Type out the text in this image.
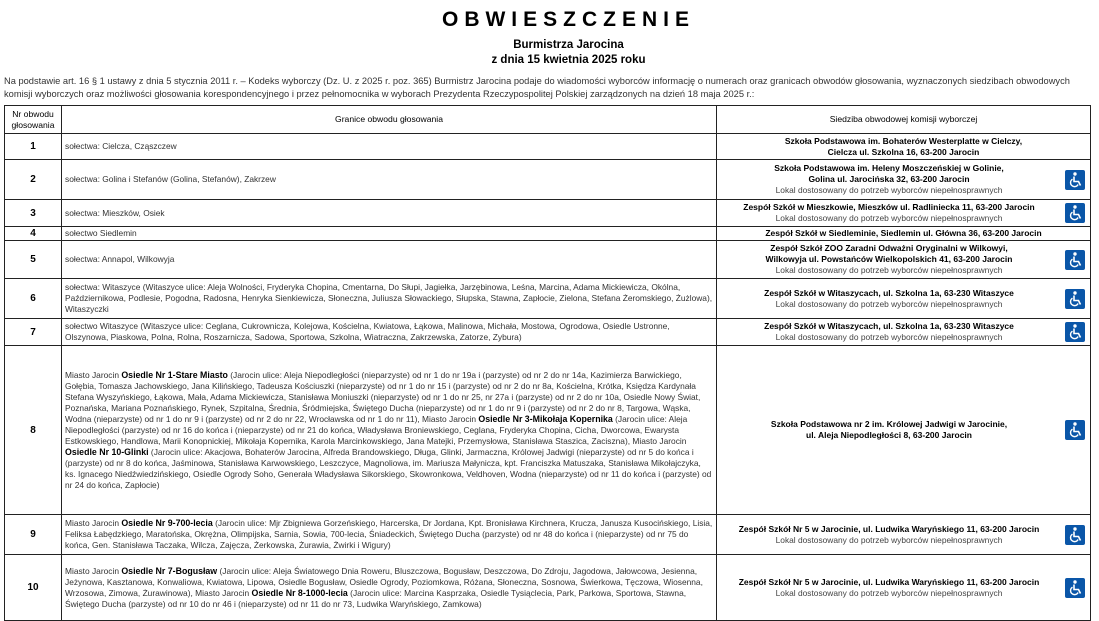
OBWIESZCZENIE
Burmistrza Jarocina
z dnia 15 kwietnia 2025 roku
Na podstawie art. 16 § 1 ustawy z dnia 5 stycznia 2011 r. – Kodeks wyborczy (Dz. U. z 2025 r. poz. 365) Burmistrz Jarocina podaje do wiadomości wyborców informację o numerach oraz granicach obwodów głosowania, wyznaczonych siedzibach obwodowych komisji wyborczych oraz możliwości głosowania korespondencyjnego i przez pełnomocnika w wyborach Prezydenta Rzeczypospolitej Polskiej zarządzonych na dzień 18 maja 2025 r.:
Nr obwodu głosowania	Granice obwodu głosowania	Siedziba obwodowej komisji wyborczej
1	sołectwa: Cielcza, Cząszczew	Szkoła Podstawowa im. Bohaterów Westerplatte w Cielczy,
Cielcza ul. Szkolna 16, 63-200 Jarocin

2	sołectwa: Golina i Stefanów (Golina, Stefanów), Zakrzew	Szkoła Podstawowa im. Heleny Moszczeńskiej w Golinie,
Golina ul. Jarocińska 32, 63-200 Jarocin
Lokal dostosowany do potrzeb wyborców niepełnosprawnych

3	sołectwa: Mieszków, Osiek	Zespół Szkół w Mieszkowie, Mieszków ul. Radliniecka 11, 63-200 Jarocin
Lokal dostosowany do potrzeb wyborców niepełnosprawnych

4	sołectwo Siedlemin	Zespół Szkół w Siedleminie, Siedlemin ul. Główna 36, 63-200 Jarocin

5	sołectwa: Annapol, Wilkowyja	Zespół Szkół ZOO Zaradni Odważni Oryginalni w Wilkowyi,
Wilkowyja ul. Powstańców Wielkopolskich 41, 63-200 Jarocin
Lokal dostosowany do potrzeb wyborców niepełnosprawnych

6	sołectwa: Witaszyce (Witaszyce ulice: Aleja Wolności, Fryderyka Chopina, Cmentarna, Do Słupi, Jagiełka, Jarzębinowa, Leśna, Marcina, Adama Mickiewicza, Okólna, Październikowa, Podlesie, Pogodna, Radosna, Henryka Sienkiewicza, Słoneczna, Juliusza Słowackiego, Słupska, Stawna, Zapłocie, Zielona, Stefana Żeromskiego, Żużlowa), Witaszyczki	Zespół Szkół w Witaszycach, ul. Szkolna 1a, 63-230 Witaszyce
Lokal dostosowany do potrzeb wyborców niepełnosprawnych

7	sołectwo Witaszyce (Witaszyce ulice: Ceglana, Cukrownicza, Kolejowa, Kościelna, Kwiatowa, Łąkowa, Malinowa, Michała, Mostowa, Ogrodowa, Osiedle Ustronne, Olszynowa, Piaskowa, Polna, Rolna, Roszarnicza, Sadowa, Sportowa, Szkolna, Wiatraczna, Zakrzewska, Zatorze, Zyburа)	Zespół Szkół w Witaszycach, ul. Szkolna 1a, 63-230 Witaszyce
Lokal dostosowany do potrzeb wyborców niepełnosprawnych

8	Miasto Jarocin Osiedle Nr 1-Stare Miasto (Jarocin ulice: Aleja Niepodległości (nieparzyste) od nr 1 do nr 19a i (parzyste) od nr 2 do nr 14a, Kazimierza Barwickiego, Gołębia, Tomasza Jachowskiego, Jana Kilińskiego, Tadeusza Kościuszki (nieparzyste) od nr 1 do nr 15 i (parzyste) od nr 2 do nr 8a, Kościelna, Krótka, Księdza Kardynała Stefana Wyszyńskiego, Łąkowa, Mała, Adama Mickiewicza, Stanisława Moniuszki (nieparzyste) od nr 1 do nr 25, nr 27a i (parzyste) od nr 2 do nr 10a, Osiedle Nowy Świat, Poznańska, Mariana Poznańskiego, Rynek, Szpitalna, Średnia, Śródmiejska, Świętego Ducha (nieparzyste) od nr 1 do nr 9 i (parzyste) od nr 2 do nr 8, Targowa, Wąska, Wodna (nieparzyste) od nr 1 do nr 9 i (parzyste) od nr 2 do nr 22, Wrocławska od nr 1 do nr 11), Miasto Jarocin Osiedle Nr 3-Mikołaja Kopernika (Jarocin ulice: Aleja Niepodległości (parzyste) od nr 16 do końca i (nieparzyste) od nr 21 do końca, Władysława Broniewskiego, Ceglana, Fryderyka Chopina, Cicha, Dworcowa, Ewarysta Estkowskiego, Handlowa, Marii Konopnickiej, Mikołaja Kopernika, Karola Marcinkowskiego, Jana Matejki, Przemysłowa, Stanisława Staszica, Zaciszna), Miasto Jarocin Osiedle Nr 10-Glinki (Jarocin ulice: Akacjowa, Bohaterów Jarocina, Alfreda Brandowskiego, Długa, Glinki, Jarmaczna, Królowej Jadwigi (nieparzyste) od nr 5 do końca i (parzyste) od nr 8 do końca, Jaśminowa, Stanisława Karwowskiego, Leszczyce, Magnoliowa, im. Mariusza Małynicza, kpt. Franciszka Matuszaka, Stanisława Mikołajczyka, ks. Ignacego Niedźwiedzińskiego, Osiedle Ogrody Soho, Generała Władysława Sikorskiego, Skowronkowa, Veldhoven, Wodna (nieparzyste) od nr 11 do końca i (parzyste) od nr 24 do końca, Zapłocie)	Szkoła Podstawowa nr 2 im. Królowej Jadwigi w Jarocinie,
ul. Aleja Niepodległości 8, 63-200 Jarocin

9	Miasto Jarocin Osiedle Nr 9-700-lecia (Jarocin ulice: Mjr Zbigniewa Gorzeńskiego, Harcerska, Dr Jordana, Kpt. Bronisława Kirchnera, Krucza, Janusza Kusocińskiego, Lisia, Feliksa Łabędzkiego, Maratońska, Okrężna, Olimpijska, Sarnia, Sowia, 700-lecia, Śniadeckich, Świętego Ducha (parzyste) od nr 48 do końca i (nieparzyste) od nr 75 do końca, Gen. Stanisława Taczaka, Wilcza, Zajęcza, Żerkowska, Żurawia, Żwirki i Wigury)	Zespół Szkół Nr 5 w Jarocinie, ul. Ludwika Waryńskiego 11, 63-200 Jarocin
Lokal dostosowany do potrzeb wyborców niepełnosprawnych

10	Miasto Jarocin Osiedle Nr 7-Bogusław (Jarocin ulice: Aleja Światowego Dnia Roweru, Bluszczowa, Bogusław, Deszczowa, Do Zdroju, Jagodowa, Jałowcowa, Jesienna, Jeżynowa, Kasztanowa, Konwaliowa, Kwiatowa, Lipowa, Osiedle Bogusław, Osiedle Ogrody, Poziomkowa, Różana, Słoneczna, Sosnowa, Świerkowa, Tęczowa, Wiosenna, Wrzosowa, Zimowa, Żurawinowa), Miasto Jarocin Osiedle Nr 8-1000-lecia (Jarocin ulice: Marcina Kasprzaka, Osiedle Tysiąclecia, Park, Parkowa, Sportowa, Stawna, Świętego Ducha (parzyste) od nr 10 do nr 46 i (nieparzyste) od nr 11 do nr 73, Ludwika Waryńskiego, Zamkowa)	Zespół Szkół Nr 5 w Jarocinie, ul. Ludwika Waryńskiego 11, 63-200 Jarocin
Lokal dostosowany do potrzeb wyborców niepełnosprawnych
